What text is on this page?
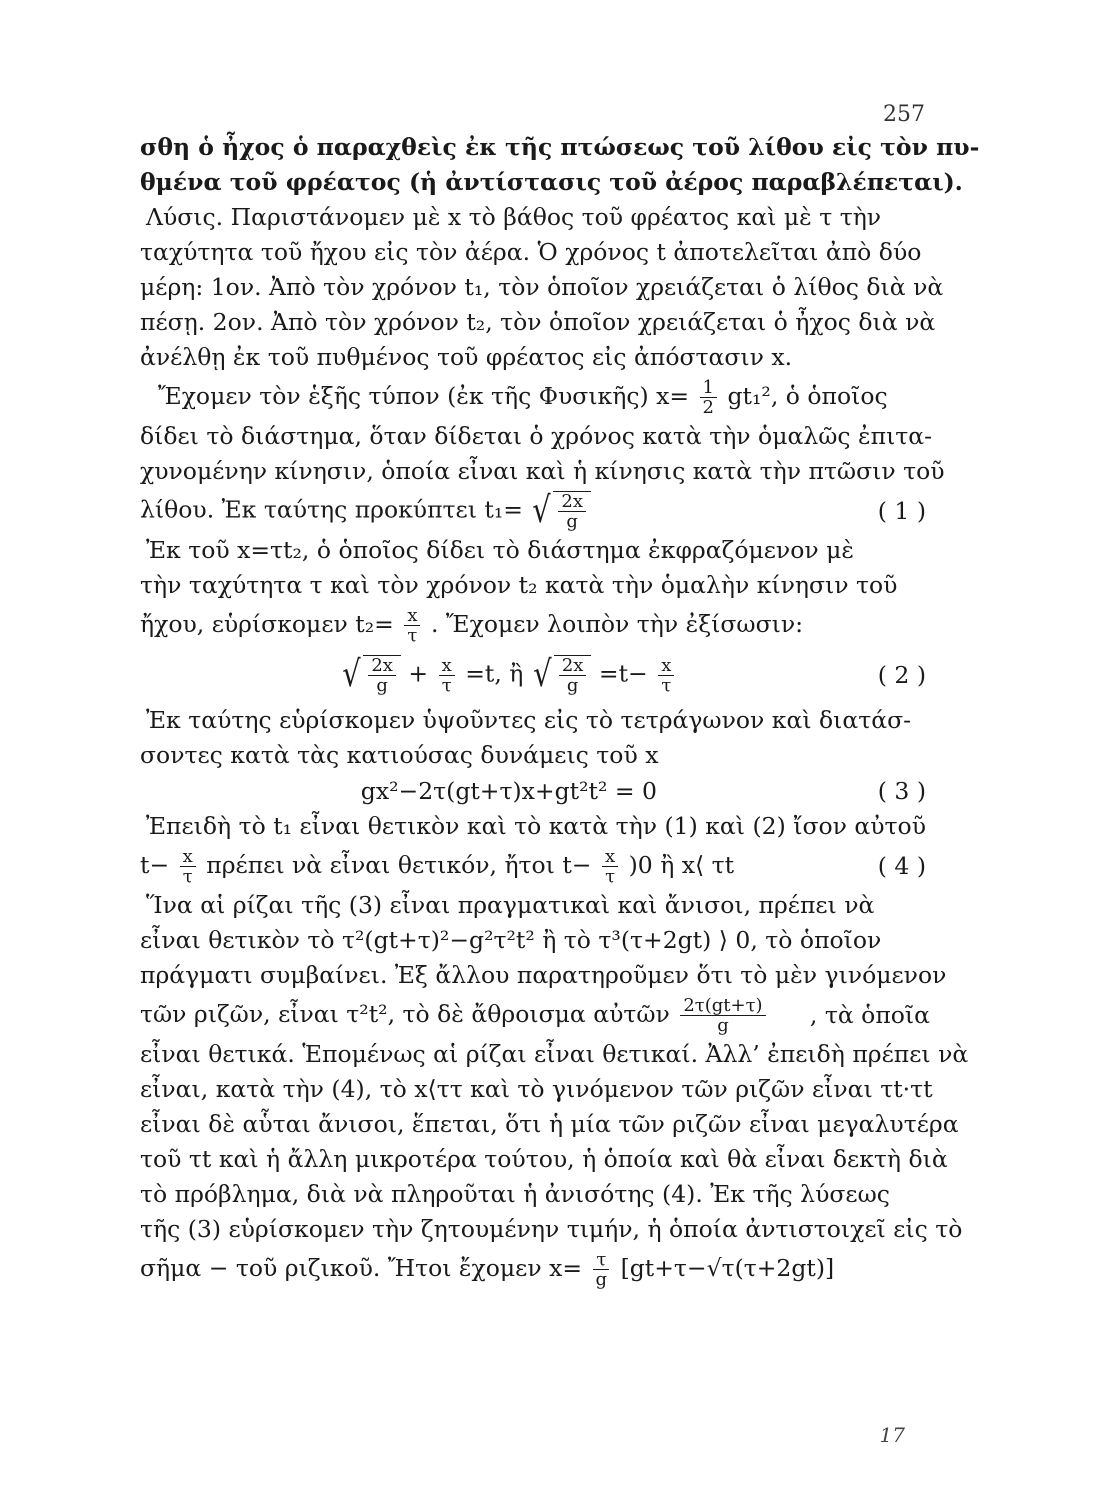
257
σθη ὁ ἦχος ὁ παραχθεὶς ἐκ τῆς πτώσεως τοῦ λίθου εἰς τὸν πυ-
θμένα τοῦ φρέατος (ἡ ἀντίστασις τοῦ ἀέρος παραβλέπεται).
Λύσις. Παριστάνομεν μὲ x τὸ βάθος τοῦ φρέατος καὶ μὲ τ τὴν
ταχύτητα τοῦ ἤχου εἰς τὸν ἀέρα. Ὁ χρόνος t ἀποτελεῖται ἀπὸ δύο
μέρη: 1ον. Ἀπὸ τὸν χρόνον t₁, τὸν ὁποῖον χρειάζεται ὁ λίθος διὰ νὰ
πέσῃ. 2ον. Ἀπὸ τὸν χρόνον t₂, τὸν ὁποῖον χρειάζεται ὁ ἦχος διὰ νὰ
ἀνέλθῃ ἐκ τοῦ πυθμένος τοῦ φρέατος εἰς ἀπόστασιν x.
Ἔχομεν τὸν ἑξῆς τύπον (ἐκ τῆς Φυσικῆς) $x= \frac{1}{2} gt_1^2$, ὁ ὁποῖος
δίδει τὸ διάστημα, ὅταν δίδεται ὁ χρόνος κατὰ τὴν ὁμαλῶς ἐπιτα-
χυνομένην κίνησιν, ὁποία εἶναι καὶ ἡ κίνησις κατὰ τὴν πτῶσιν τοῦ
λίθου. Ἐκ ταύτης προκύπτει t₁= √ $\frac{2x}{g}$	( 1 )
Ἐκ τοῦ x=τt₂, ὁ ὁποῖος δίδει τὸ διάστημα ἐκφραζόμενον μὲ
τὴν ταχύτητα τ καὶ τὸν χρόνον t₂ κατὰ τὴν ὁμαλὴν κίνησιν τοῦ
ἤχου, εὑρίσκομεν $t_2= \frac{x}{\tau}$ . Ἔχομεν λοιπὸν τὴν ἐξίσωσιν:
√ $\frac{2x}{g} + \frac{x}{\tau} =t$, ἢ √ $\frac{2x}{g} =t- \frac{x}{\tau}$	( 2 )
Ἐκ ταύτης εὑρίσκομεν ὑψοῦντες εἰς τὸ τετράγωνον καὶ διατάσ-
σοντες κατὰ τὰς κατιούσας δυνάμεις τοῦ x
gx²−2τ(gt+τ)x+gt²t² = 0	( 3 )
Ἐπειδὴ τὸ t₁ εἶναι θετικὸν καὶ τὸ κατὰ τὴν (1) καὶ (2) ἴσον αὐτοῦ
$t- \frac{x}{\tau}$ πρέπει νὰ εἶναι θετικόν, ἤτοι $t- \frac{x}{\tau} )0$ ἢ x⟨ τt	( 4 )
Ἵνα αἱ ρίζαι τῆς (3) εἶναι πραγματικαὶ καὶ ἄνισοι, πρέπει νὰ
εἶναι θετικὸν τὸ τ²(gt+τ)²−g²τ²t² ἢ τὸ τ³(τ+2gt) ⟩ 0, τὸ ὁποῖον
πράγματι συμβαίνει. Ἐξ ἄλλου παρατηροῦμεν ὅτι τὸ μὲν γινόμενον
τῶν ριζῶν, εἶναι τ²t², τὸ δὲ ἄθροισμα αὐτῶν $\frac{2\tau(gt+\tau)}{g}$ , τὰ ὁποῖα
εἶναι θετικά. Ἑπομένως αἱ ρίζαι εἶναι θετικαί. Ἀλλ’ ἐπειδὴ πρέπει νὰ
εἶναι, κατὰ τὴν (4), τὸ x⟨ττ καὶ τὸ γινόμενον τῶν ριζῶν εἶναι τt·τt
εἶναι δὲ αὗται ἄνισοι, ἕπεται, ὅτι ἡ μία τῶν ριζῶν εἶναι μεγαλυτέρα
τοῦ τt καὶ ἡ ἄλλη μικροτέρα τούτου, ἡ ὁποία καὶ θὰ εἶναι δεκτὴ διὰ
τὸ πρόβλημα, διὰ νὰ πληροῦται ἡ ἀνισότης (4). Ἐκ τῆς λύσεως
τῆς (3) εὑρίσκομεν τὴν ζητουμένην τιμήν, ἡ ὁποία ἀντιστοιχεῖ εἰς τὸ
σῆμα − τοῦ ριζικοῦ. Ἤτοι ἔχομεν $x= \frac{\tau}{g} [gt+\tau-√\tau(\tau+2gt)]$
17
